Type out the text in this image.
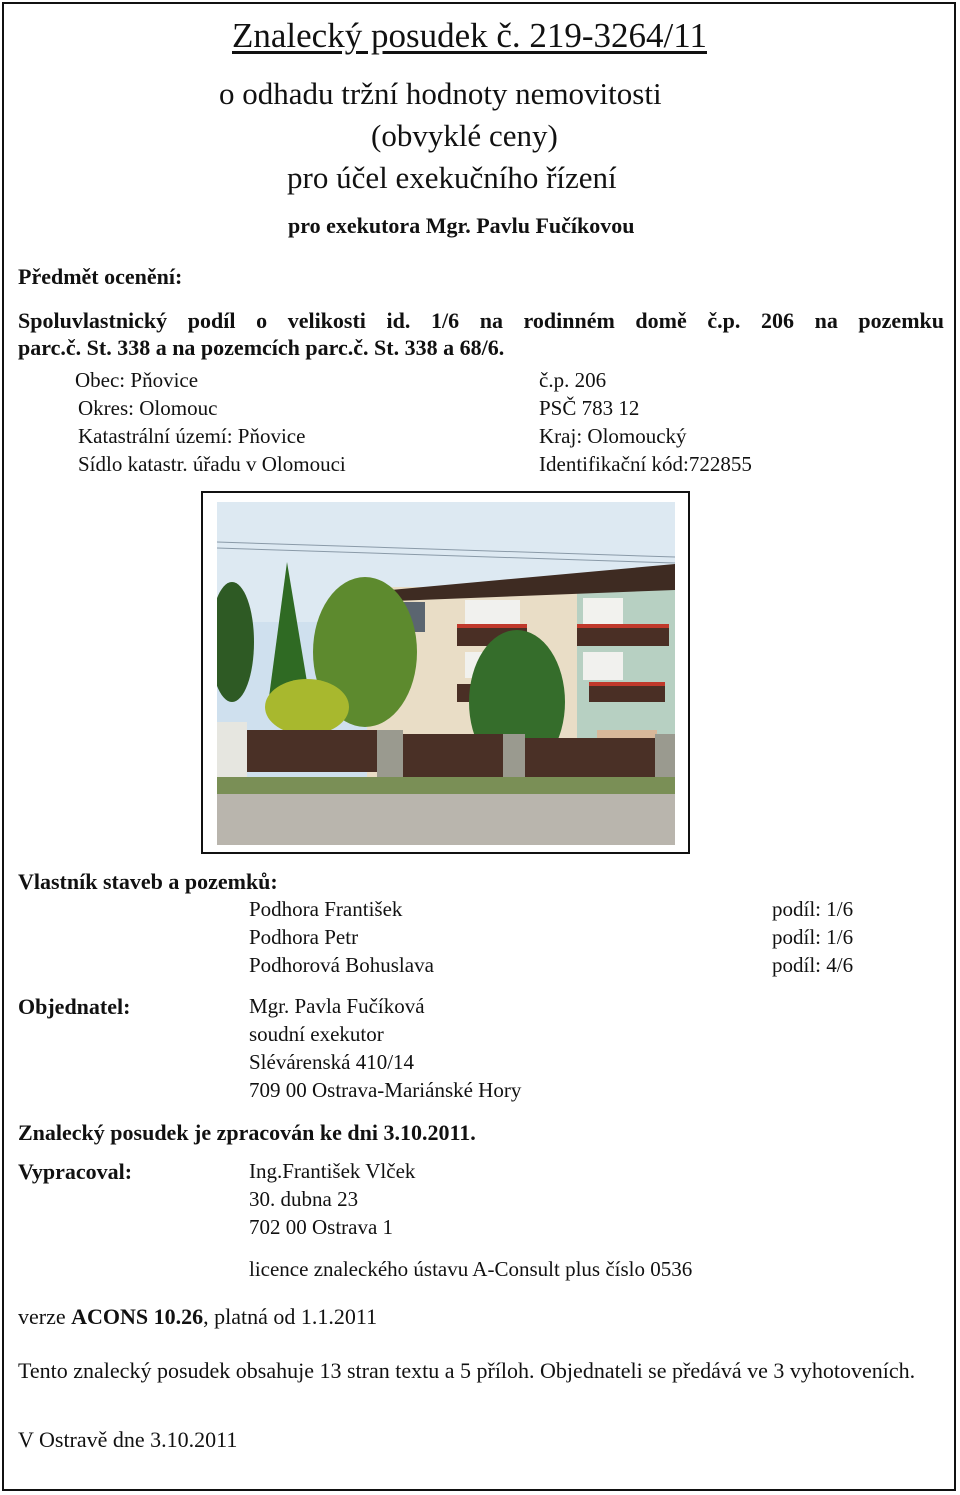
Znalecký posudek č. 219-3264/11
o odhadu tržní hodnoty nemovitosti
(obvyklé ceny)
pro účel exekučního řízení
pro exekutora Mgr. Pavlu Fučíkovou
Předmět ocenění:
Spoluvlastnický podíl o velikosti id. 1/6 na rodinném domě č.p. 206 na pozemku
parc.č. St. 338 a na pozemcích parc.č. St. 338 a 68/6.
Obec: Pňovice	č.p. 206
Okres: Olomouc	PSČ 783 12
Katastrální území: Pňovice	Kraj: Olomoucký
Sídlo katastr. úřadu v Olomouci	Identifikační kód:722855
Vlastník staveb a pozemků:
Podhora František	podíl: 1/6
Podhora Petr	podíl: 1/6
Podhorová Bohuslava	podíl: 4/6
Objednatel:	Mgr. Pavla Fučíková
soudní exekutor
Slévárenská 410/14
709 00 Ostrava-Mariánské Hory
Znalecký posudek je zpracován ke dni 3.10.2011.
Vypracoval:	Ing.František Vlček
30. dubna 23
702 00 Ostrava 1
licence znaleckého ústavu A-Consult plus číslo 0536
verze ACONS 10.26, platná od 1.1.2011
Tento znalecký posudek obsahuje 13 stran textu a 5 příloh. Objednateli se předává ve 3 vyhotoveních.
V Ostravě dne 3.10.2011
